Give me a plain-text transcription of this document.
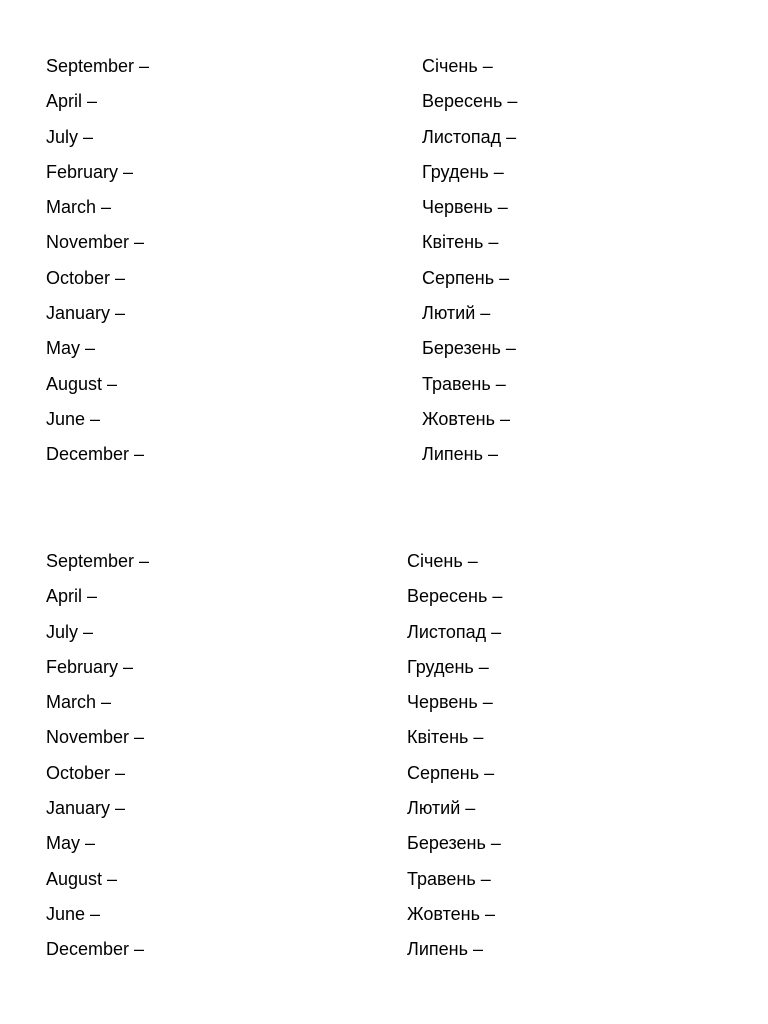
September –
April –
July –
February –
March –
November –
October –
January –
May –
August –
June –
December –
Січень –
Вересень –
Листопад –
Грудень –
Червень –
Квітень –
Серпень –
Лютий –
Березень –
Травень –
Жовтень –
Липень –
September –
April –
July –
February –
March –
November –
October –
January –
May –
August –
June –
December –
Січень –
Вересень –
Листопад –
Грудень –
Червень –
Квітень –
Серпень –
Лютий –
Березень –
Травень –
Жовтень –
Липень –
